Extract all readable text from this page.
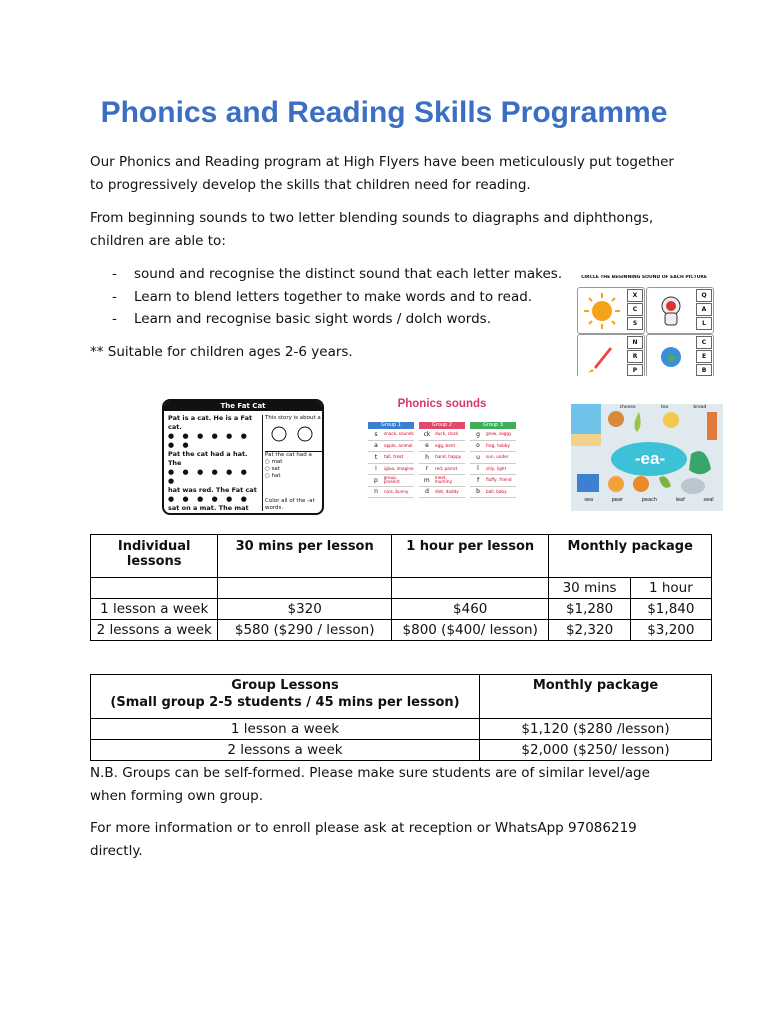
Phonics and Reading Skills Programme
Our Phonics and Reading program at High Flyers have been meticulously put together to progressively develop the skills that children need for reading.
From beginning sounds to two letter blending sounds to diagraphs and diphthongs, children are able to:
-	sound and recognise the distinct sound that each letter makes.
-	Learn to blend letters together to make words and to read.
-	Learn and recognise basic sight words / dolch words.
** Suitable for children ages 2-6 years.
CIRCLE THE BEGINNING SOUND OF EACH PICTURE
X
C
S
Q
A
L
N
R
P
C
E
B
The Fat Cat
Pat is a cat. He is a Fat cat.
● ● ● ● ● ● ● ●
Pat the cat had a hat. The
● ● ● ● ● ● ●
hat was red. The Fat cat
● ● ● ● ● ●
sat on a mat. The mat
This story is about a
Pat the cat had a
○ mat
○ sat
○ hat
Color all of the -at words.
Phonics sounds
Group 1
s	snack, sounds
a	apple, animal
t	tall, treat
i	igloo, imagine
p	group, present
n	nice, bunny
Group 2
ck	duck, clock
e	egg, bent
h	hand, happy
r	red, parrot
m	meet, mummy
d	diet, daddy
Group 3
g	grow, soggy
o	frog, hobby
u	sun, under
l	silly, light
f	fluffy, friend
b	ball, baby
-ea-
sea	pear	peach	leaf	seal
cheese	tea	bread
Individual lessons	30 mins per lesson	1 hour per lesson	Monthly package	
			30 mins	1 hour
1 lesson a week	$320	$460	$1,280	$1,840
2 lessons a week	$580 ($290 / lesson)	$800 ($400/ lesson)	$2,320	$3,200
Group Lessons
(Small group 2-5 students / 45 mins per lesson)	Monthly package
1 lesson a week	$1,120 ($280 /lesson)
2 lessons a week	$2,000 ($250/ lesson)
N.B. Groups can be self-formed. Please make sure students are of similar level/age when forming own group.
For more information or to enroll please ask at reception or WhatsApp 97086219 directly.
